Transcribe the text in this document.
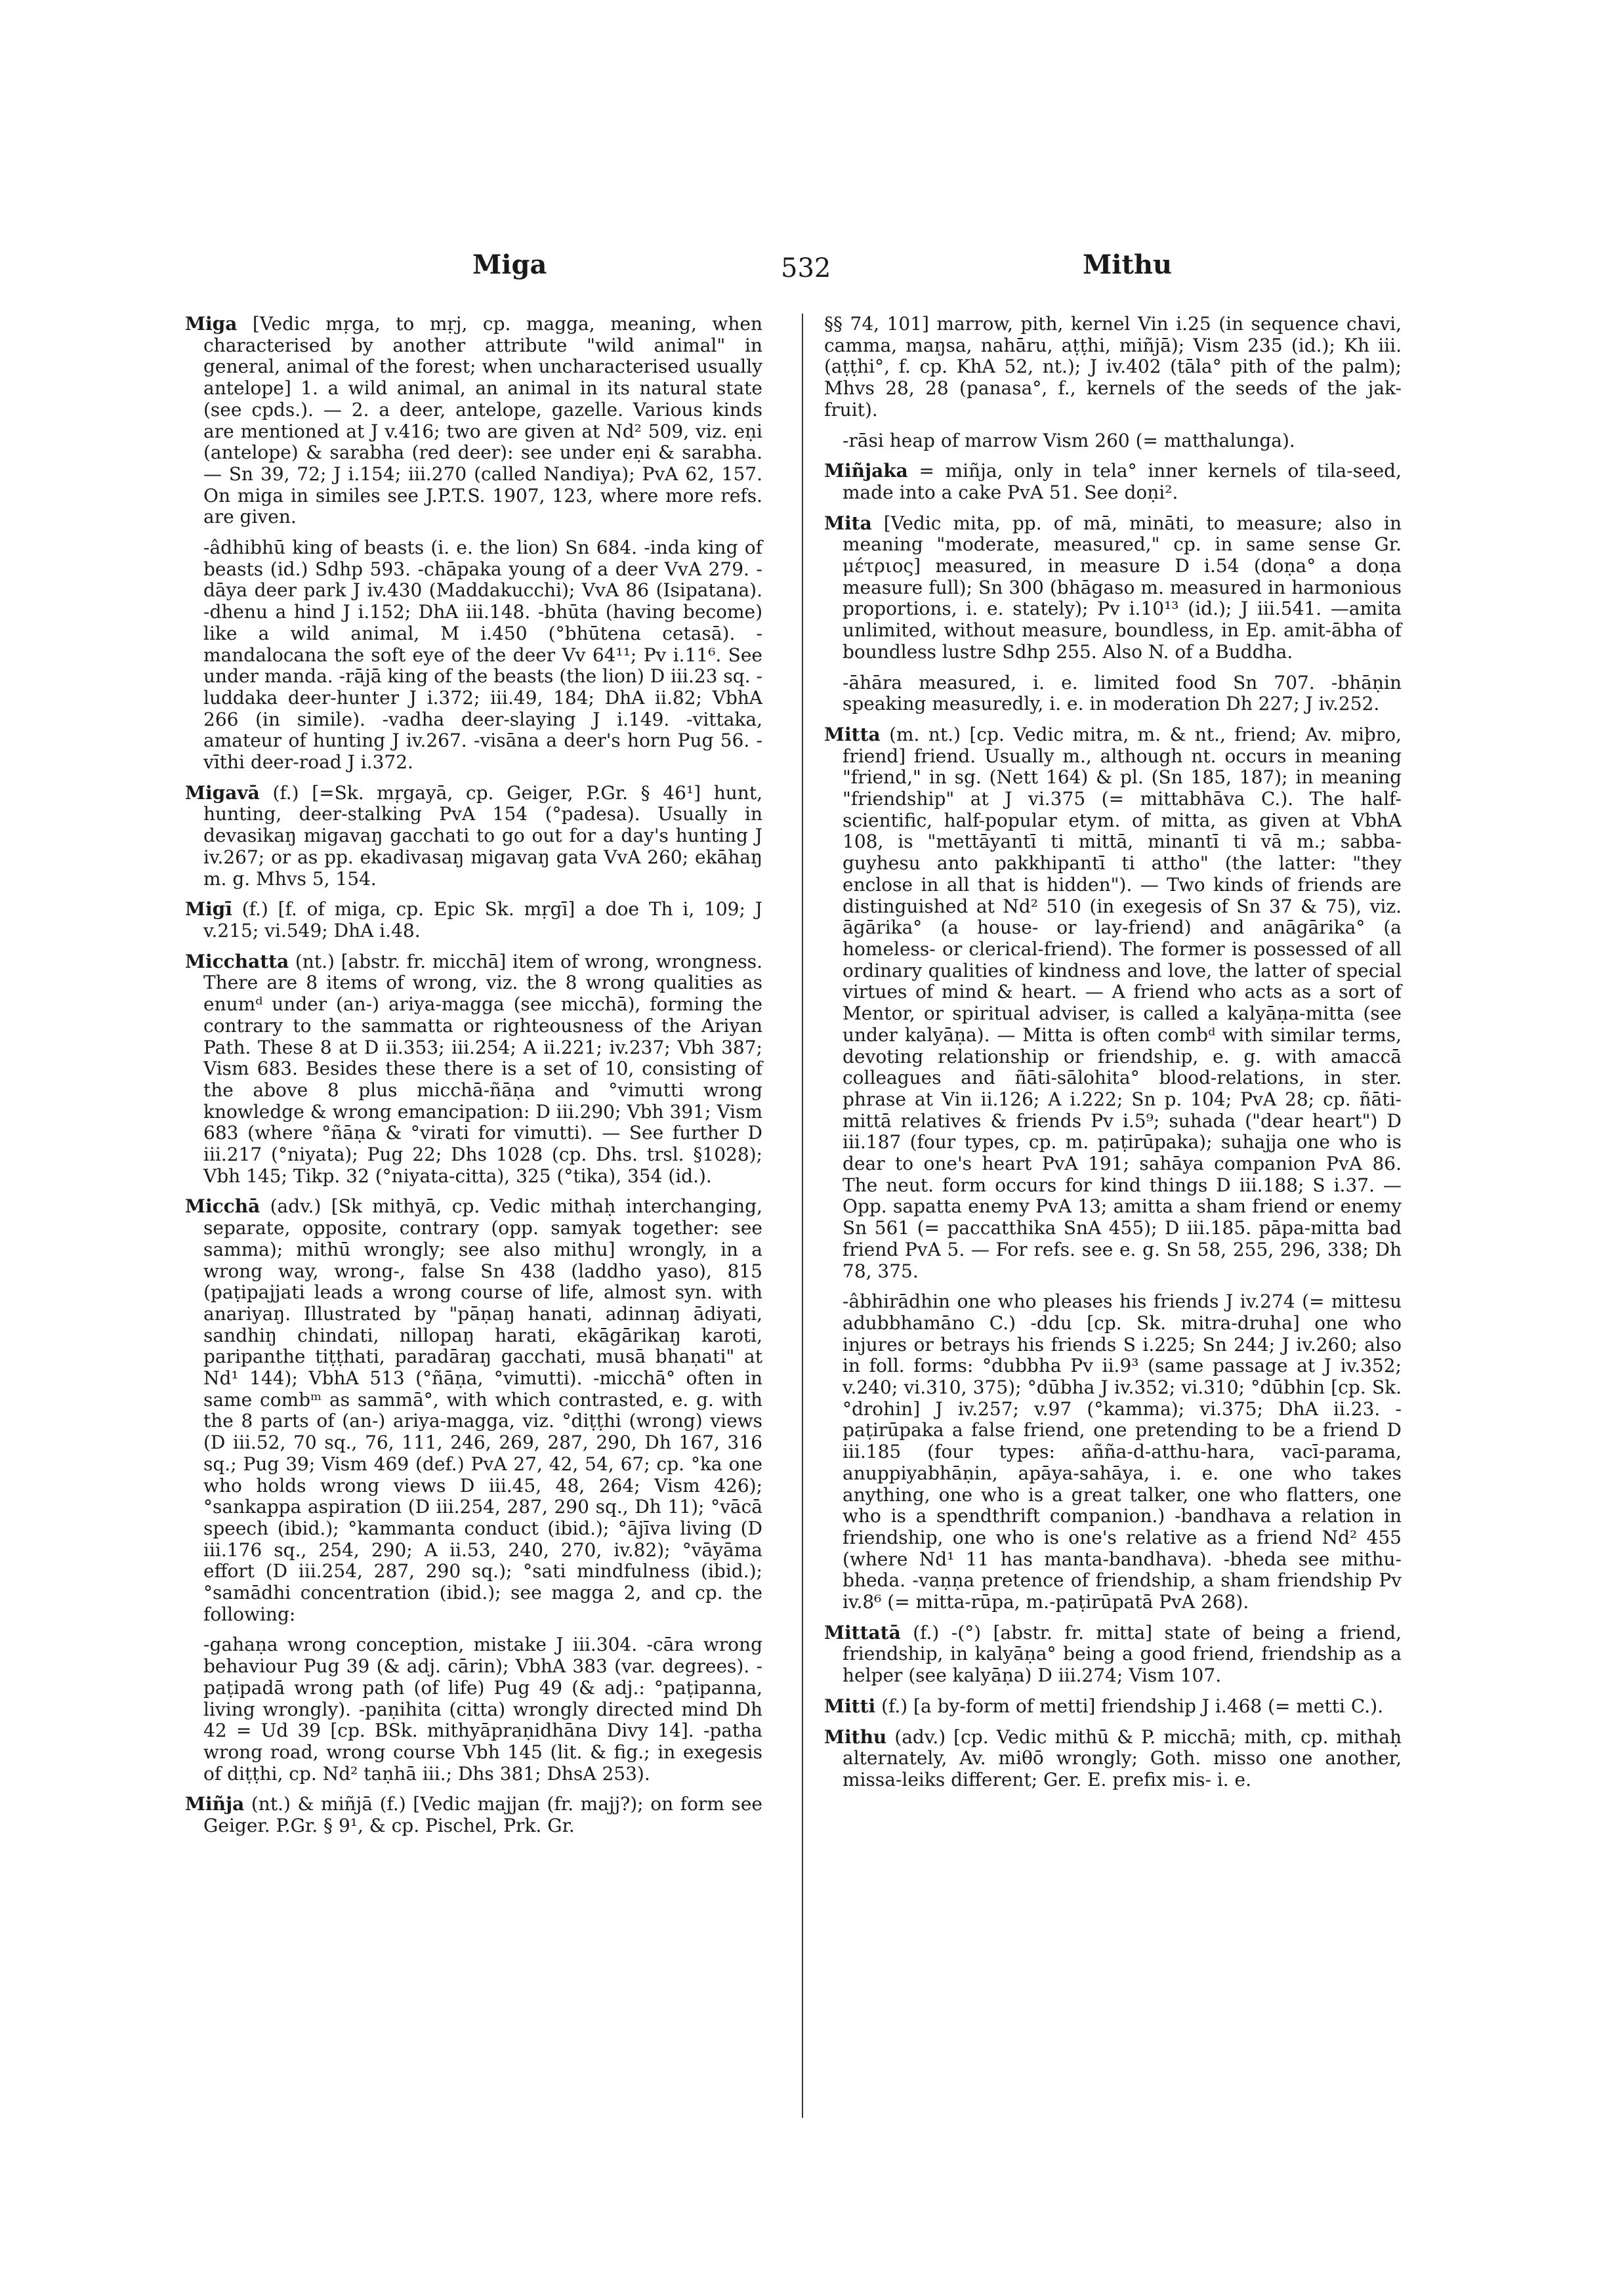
Miga	532	Mithu

Miga [Vedic mṛga, to mṛj, cp. magga, meaning, when characterised by another attribute "wild animal" in general, animal of the forest; when uncharacterised usually antelope] 1. a wild animal, an animal in its natural state (see cpds.). — 2. a deer, antelope, gazelle. Various kinds are mentioned at J v.416; two are given at Nd² 509, viz. eṇi (antelope) & sarabha (red deer): see under eṇi & sarabha. — Sn 39, 72; J i.154; iii.270 (called Nandiya); PvA 62, 157. On miga in similes see J.P.T.S. 1907, 123, where more refs. are given.

-âdhibhū king of beasts (i. e. the lion) Sn 684. -inda king of beasts (id.) Sdhp 593. -chāpaka young of a deer VvA 279. -dāya deer park J iv.430 (Maddakucchi); VvA 86 (Isipatana). -dhenu a hind J i.152; DhA iii.148. -bhūta (having become) like a wild animal, M i.450 (°bhūtena cetasā). -mandalocana the soft eye of the deer Vv 64¹¹; Pv i.11⁶. See under manda. -rājā king of the beasts (the lion) D iii.23 sq. -luddaka deer-hunter J i.372; iii.49, 184; DhA ii.82; VbhA 266 (in simile). -vadha deer-slaying J i.149. -vittaka, amateur of hunting J iv.267. -visāna a deer's horn Pug 56. -vīthi deer-road J i.372.

Migavā (f.) [=Sk. mṛgayā, cp. Geiger, P.Gr. § 46¹] hunt, hunting, deer-stalking PvA 154 (°padesa). Usually in devasikaŋ migavaŋ gacchati to go out for a day's hunting J iv.267; or as pp. ekadivasaŋ migavaŋ gata VvA 260; ekāhaŋ m. g. Mhvs 5, 154.

Migī (f.) [f. of miga, cp. Epic Sk. mṛgī] a doe Th i, 109; J v.215; vi.549; DhA i.48.

Micchatta (nt.) [abstr. fr. micchā] item of wrong, wrongness. There are 8 items of wrong, viz. the 8 wrong qualities as enumᵈ under (an-) ariya-magga (see micchā), forming the contrary to the sammatta or righteousness of the Ariyan Path. These 8 at D ii.353; iii.254; A ii.221; iv.237; Vbh 387; Vism 683. Besides these there is a set of 10, consisting of the above 8 plus micchā-ñāṇa and °vimutti wrong knowledge & wrong emancipation: D iii.290; Vbh 391; Vism 683 (where °ñāṇa & °virati for vimutti). — See further D iii.217 (°niyata); Pug 22; Dhs 1028 (cp. Dhs. trsl. §1028); Vbh 145; Tikp. 32 (°niyata-citta), 325 (°tika), 354 (id.).

Micchā (adv.) [Sk mithyā, cp. Vedic mithaḥ interchanging, separate, opposite, contrary (opp. samyak together: see samma); mithū wrongly; see also mithu] wrongly, in a wrong way, wrong-, false Sn 438 (laddho yaso), 815 (paṭipajjati leads a wrong course of life, almost syn. with anariyaŋ. Illustrated by "pāṇaŋ hanati, adinnaŋ ādiyati, sandhiŋ chindati, nillopaŋ harati, ekāgārikaŋ karoti, paripanthe tiṭṭhati, paradāraŋ gacchati, musā bhaṇati" at Nd¹ 144); VbhA 513 (°ñāṇa, °vimutti). -micchā° often in same combᵐ as sammā°, with which contrasted, e. g. with the 8 parts of (an-) ariya-magga, viz. °diṭṭhi (wrong) views (D iii.52, 70 sq., 76, 111, 246, 269, 287, 290, Dh 167, 316 sq.; Pug 39; Vism 469 (def.) PvA 27, 42, 54, 67; cp. °ka one who holds wrong views D iii.45, 48, 264; Vism 426); °sankappa aspiration (D iii.254, 287, 290 sq., Dh 11); °vācā speech (ibid.); °kammanta conduct (ibid.); °ājīva living (D iii.176 sq., 254, 290; A ii.53, 240, 270, iv.82); °vāyāma effort (D iii.254, 287, 290 sq.); °sati mindfulness (ibid.); °samādhi concentration (ibid.); see magga 2, and cp. the following:

-gahaṇa wrong conception, mistake J iii.304. -cāra wrong behaviour Pug 39 (& adj. cārin); VbhA 383 (var. degrees). -paṭipadā wrong path (of life) Pug 49 (& adj.: °paṭipanna, living wrongly). -paṇihita (citta) wrongly directed mind Dh 42 = Ud 39 [cp. BSk. mithyāpraṇidhāna Divy 14]. -patha wrong road, wrong course Vbh 145 (lit. & fig.; in exegesis of diṭṭhi, cp. Nd² taṇhā iii.; Dhs 381; DhsA 253).

Miñja (nt.) & miñjā (f.) [Vedic majjan (fr. majj?); on form see Geiger. P.Gr. § 9¹, & cp. Pischel, Prk. Gr.

§§ 74, 101] marrow, pith, kernel Vin i.25 (in sequence chavi, camma, maŋsa, nahāru, aṭṭhi, miñjā); Vism 235 (id.); Kh iii. (aṭṭhi°, f. cp. KhA 52, nt.); J iv.402 (tāla° pith of the palm); Mhvs 28, 28 (panasa°, f., kernels of the seeds of the jak-fruit).

-rāsi heap of marrow Vism 260 (= matthalunga).

Miñjaka = miñja, only in tela° inner kernels of tila-seed, made into a cake PvA 51. See doṇi².

Mita [Vedic mita, pp. of mā, mināti, to measure; also in meaning "moderate, measured," cp. in same sense Gr. μέτριος] measured, in measure D i.54 (doṇa° a doṇa measure full); Sn 300 (bhāgaso m. measured in harmonious proportions, i. e. stately); Pv i.10¹³ (id.); J iii.541. —amita unlimited, without measure, boundless, in Ep. amit-ābha of boundless lustre Sdhp 255. Also N. of a Buddha.

-āhāra measured, i. e. limited food Sn 707. -bhāṇin speaking measuredly, i. e. in moderation Dh 227; J iv.252.

Mitta (m. nt.) [cp. Vedic mitra, m. & nt., friend; Av. miþro, friend] friend. Usually m., although nt. occurs in meaning "friend," in sg. (Nett 164) & pl. (Sn 185, 187); in meaning "friendship" at J vi.375 (= mittabhāva C.). The half-scientific, half-popular etym. of mitta, as given at VbhA 108, is "mettāyantī ti mittā, minantī ti vā m.; sabba-guyhesu anto pakkhipantī ti attho" (the latter: "they enclose in all that is hidden"). — Two kinds of friends are distinguished at Nd² 510 (in exegesis of Sn 37 & 75), viz. āgārika° (a house- or lay-friend) and anāgārika° (a homeless- or clerical-friend). The former is possessed of all ordinary qualities of kindness and love, the latter of special virtues of mind & heart. — A friend who acts as a sort of Mentor, or spiritual adviser, is called a kalyāṇa-mitta (see under kalyāṇa). — Mitta is often combᵈ with similar terms, devoting relationship or friendship, e. g. with amaccā colleagues and ñāti-sālohita° blood-relations, in ster. phrase at Vin ii.126; A i.222; Sn p. 104; PvA 28; cp. ñāti-mittā relatives & friends Pv i.5⁹; suhada ("dear heart") D iii.187 (four types, cp. m. paṭirūpaka); suhajja one who is dear to one's heart PvA 191; sahāya companion PvA 86. The neut. form occurs for kind things D iii.188; S i.37. — Opp. sapatta enemy PvA 13; amitta a sham friend or enemy Sn 561 (= paccatthika SnA 455); D iii.185. pāpa-mitta bad friend PvA 5. — For refs. see e. g. Sn 58, 255, 296, 338; Dh 78, 375.

-âbhirādhin one who pleases his friends J iv.274 (= mittesu adubbhamāno C.) -ddu [cp. Sk. mitra-druha] one who injures or betrays his friends S i.225; Sn 244; J iv.260; also in foll. forms: °dubbha Pv ii.9³ (same passage at J iv.352; v.240; vi.310, 375); °dūbha J iv.352; vi.310; °dūbhin [cp. Sk. °drohin] J iv.257; v.97 (°kamma); vi.375; DhA ii.23. -paṭirūpaka a false friend, one pretending to be a friend D iii.185 (four types: añña-d-atthu-hara, vacī-parama, anuppiyabhāṇin, apāya-sahāya, i. e. one who takes anything, one who is a great talker, one who flatters, one who is a spendthrift companion.) -bandhava a relation in friendship, one who is one's relative as a friend Nd² 455 (where Nd¹ 11 has manta-bandhava). -bheda see mithu-bheda. -vaṇṇa pretence of friendship, a sham friendship Pv iv.8⁶ (= mitta-rūpa, m.-paṭirūpatā PvA 268).

Mittatā (f.) -(°) [abstr. fr. mitta] state of being a friend, friendship, in kalyāṇa° being a good friend, friendship as a helper (see kalyāṇa) D iii.274; Vism 107.

Mitti (f.) [a by-form of metti] friendship J i.468 (= metti C.).

Mithu (adv.) [cp. Vedic mithū & P. micchā; mith, cp. mithaḥ alternately, Av. miθō wrongly; Goth. misso one another, missa-leiks different; Ger. E. prefix mis- i. e.
